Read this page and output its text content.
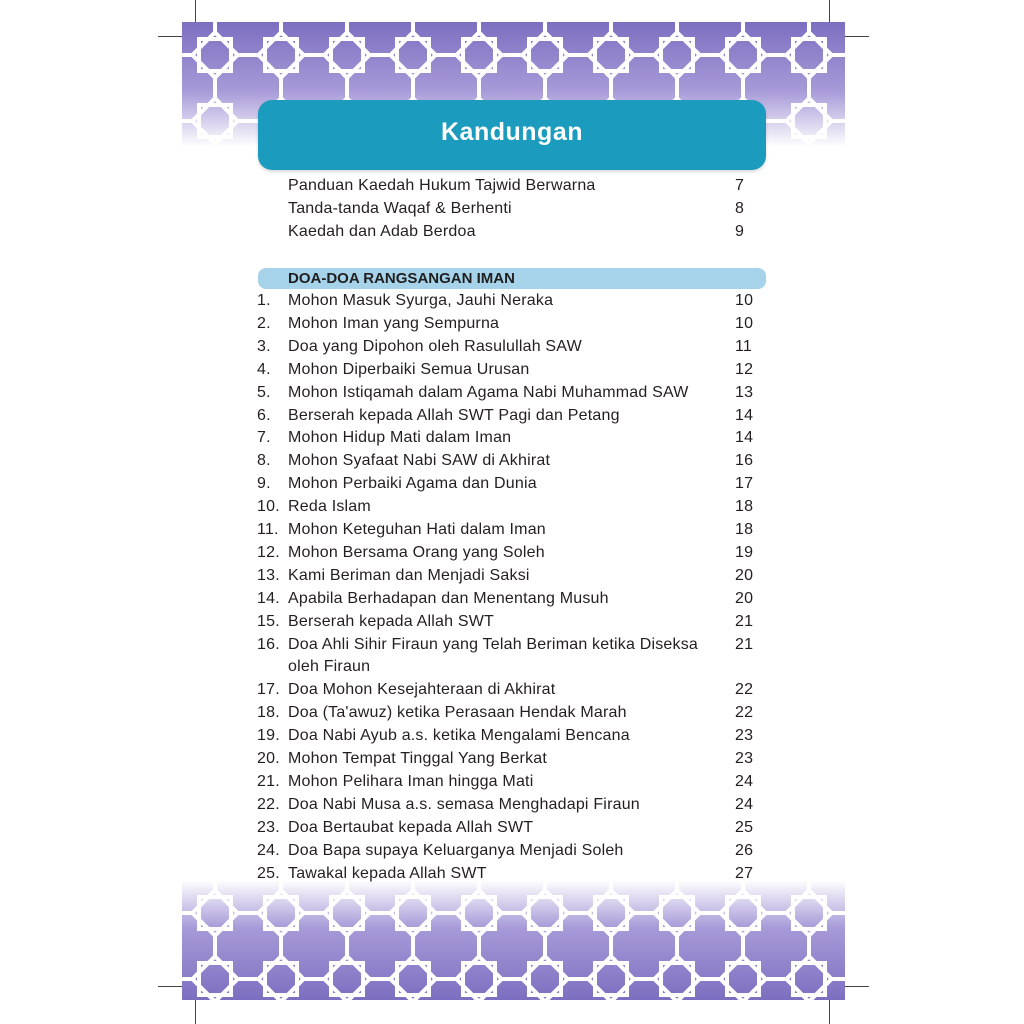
Kandungan
Panduan Kaedah Hukum Tajwid Berwarna	7
Tanda-tanda Waqaf & Berhenti	8
Kaedah dan Adab Berdoa	9
DOA-DOA RANGSANGAN IMAN
1. Mohon Masuk Syurga, Jauhi Neraka	10
2. Mohon Iman yang Sempurna	10
3. Doa yang Dipohon oleh Rasulullah SAW	11
4. Mohon Diperbaiki Semua Urusan	12
5. Mohon Istiqamah dalam Agama Nabi Muhammad SAW	13
6. Berserah kepada Allah SWT Pagi dan Petang	14
7. Mohon Hidup Mati dalam Iman	14
8. Mohon Syafaat Nabi SAW di Akhirat	16
9. Mohon Perbaiki Agama dan Dunia	17
10. Reda Islam	18
11. Mohon Keteguhan Hati dalam Iman	18
12. Mohon Bersama Orang yang Soleh	19
13. Kami Beriman dan Menjadi Saksi	20
14. Apabila Berhadapan dan Menentang Musuh	20
15. Berserah kepada Allah SWT	21
16. Doa Ahli Sihir Firaun yang Telah Beriman ketika Diseksa 21
oleh Firaun
17. Doa Mohon Kesejahteraan di Akhirat	22
18. Doa (Ta'awuz) ketika Perasaan Hendak Marah	22
19. Doa Nabi Ayub a.s. ketika Mengalami Bencana	23
20. Mohon Tempat Tinggal Yang Berkat	23
21. Mohon Pelihara Iman hingga Mati	24
22. Doa Nabi Musa a.s. semasa Menghadapi Firaun	24
23. Doa Bertaubat kepada Allah SWT	25
24. Doa Bapa supaya Keluarganya Menjadi Soleh	26
25. Tawakal kepada Allah SWT	27
